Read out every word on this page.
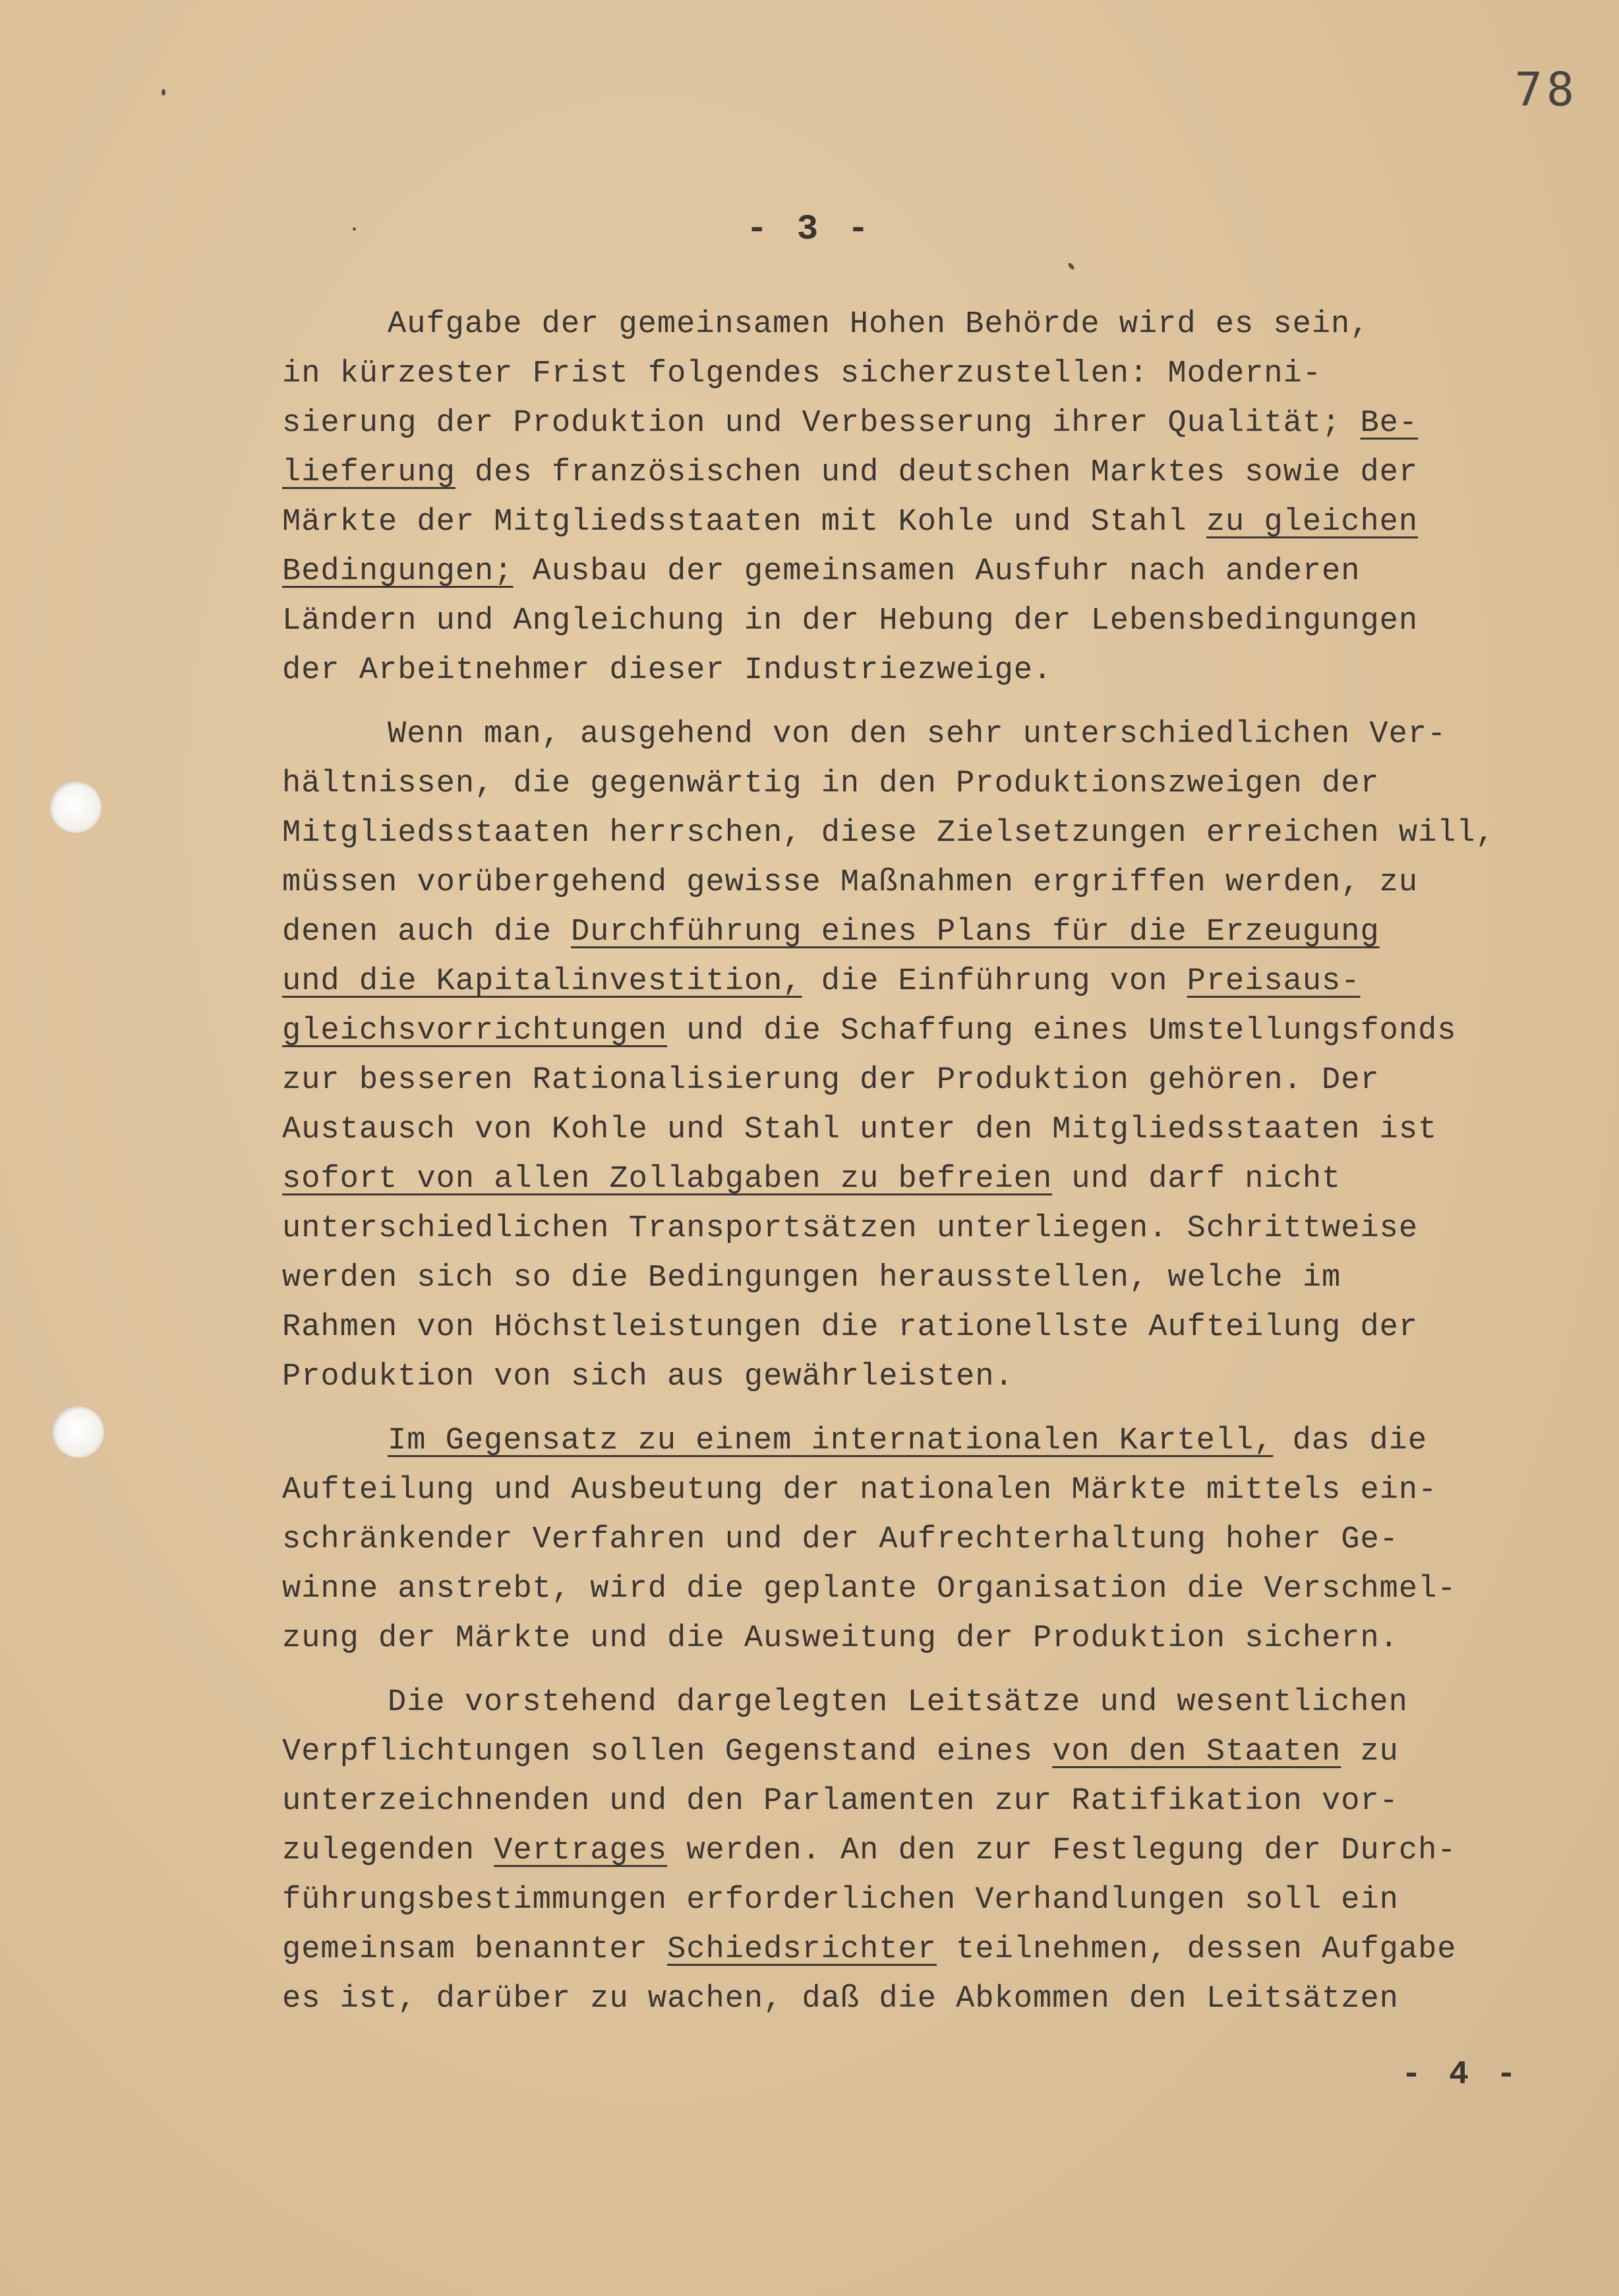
78
- 3 -
Aufgabe der gemeinsamen Hohen Behörde wird es sein,
in kürzester Frist folgendes sicherzustellen: Moderni-
sierung der Produktion und Verbesserung ihrer Qualität; Be-
lieferung des französischen und deutschen Marktes sowie der
Märkte der Mitgliedsstaaten mit Kohle und Stahl zu gleichen
Bedingungen; Ausbau der gemeinsamen Ausfuhr nach anderen
Ländern und Angleichung in der Hebung der Lebensbedingungen
der Arbeitnehmer dieser Industriezweige.
Wenn man, ausgehend von den sehr unterschiedlichen Ver-
hältnissen, die gegenwärtig in den Produktionszweigen der
Mitgliedsstaaten herrschen, diese Zielsetzungen erreichen will,
müssen vorübergehend gewisse Maßnahmen ergriffen werden, zu
denen auch die Durchführung eines Plans für die Erzeugung
und die Kapitalinvestition, die Einführung von Preisaus-
gleichsvorrichtungen und die Schaffung eines Umstellungsfonds
zur besseren Rationalisierung der Produktion gehören. Der
Austausch von Kohle und Stahl unter den Mitgliedsstaaten ist
sofort von allen Zollabgaben zu befreien und darf nicht
unterschiedlichen Transportsätzen unterliegen. Schrittweise
werden sich so die Bedingungen herausstellen, welche im
Rahmen von Höchstleistungen die rationellste Aufteilung der
Produktion von sich aus gewährleisten.
Im Gegensatz zu einem internationalen Kartell, das die
Aufteilung und Ausbeutung der nationalen Märkte mittels ein-
schränkender Verfahren und der Aufrechterhaltung hoher Ge-
winne anstrebt, wird die geplante Organisation die Verschmel-
zung der Märkte und die Ausweitung der Produktion sichern.
Die vorstehend dargelegten Leitsätze und wesentlichen
Verpflichtungen sollen Gegenstand eines von den Staaten zu
unterzeichnenden und den Parlamenten zur Ratifikation vor-
zulegenden Vertrages werden. An den zur Festlegung der Durch-
führungsbestimmungen erforderlichen Verhandlungen soll ein
gemeinsam benannter Schiedsrichter teilnehmen, dessen Aufgabe
es ist, darüber zu wachen, daß die Abkommen den Leitsätzen
- 4 -
